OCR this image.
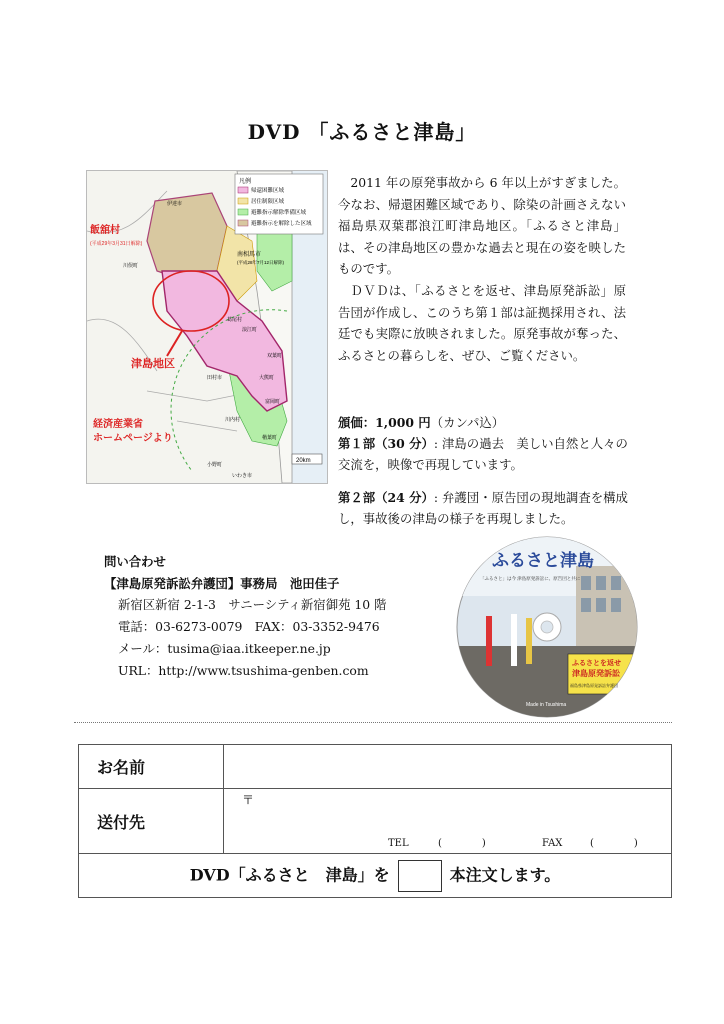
DVD 「ふるさと津島」
凡例
帰還困難区域
居住制限区域
避難指示解除準備区域
避難指示を解除した区域
飯舘村
(平成29年3月31日解除)
南相馬市
(平成28年7月12日解除)
津島地区
伊達市
川俣町
浪江町
双葉町
大熊町
富岡町
田村市
川内村
楢葉町
葛尾村
いわき市
小野町
20km
経済産業省
ホームページより

2011 年の原発事故から 6 年以上がすぎました。今なお、帰還困難区域であり、除染の計画さえない福島県双葉郡浪江町津島地区。「ふるさと津島」は、その津島地区の豊かな過去と現在の姿を映したものです。

ＤＶＤは、「ふるさとを返せ、津島原発訴訟」原告団が作成し、このうち第１部は証拠採用され、法廷でも実際に放映されました。原発事故が奪った、ふるさとの暮らしを、ぜひ、ご覧ください。

頒価：1,000 円（カンパ込）
第１部（30 分）: 津島の過去　美しい自然と人々の交流を，映像で再現しています。
第２部（24 分）: 弁護団・原告団の現地調査を構成し，事故後の津島の様子を再現しました。
問い合わせ
【津島原発訴訟弁護団】事務局　池田佳子
新宿区新宿 2-1-3　サニーシティ新宿御苑 10 階
電話：03-6273-0079　FAX：03-3352-9476
メール：tusima@iaa.itkeeper.ne.jp
URL：http://www.tsushima-genben.com
ふるさと津島
「ふるさと」は今 津島原発訴訟に、原告団と共に
ふるさとを返せ
津島原発訴訟
福島県津島原発訴訟弁護団
Made in Tsushima
お名前	
送付先	〒
TEL (　　　　) FAX (　　　　)

DVD「ふるさと　津島」を 本注文します。	
